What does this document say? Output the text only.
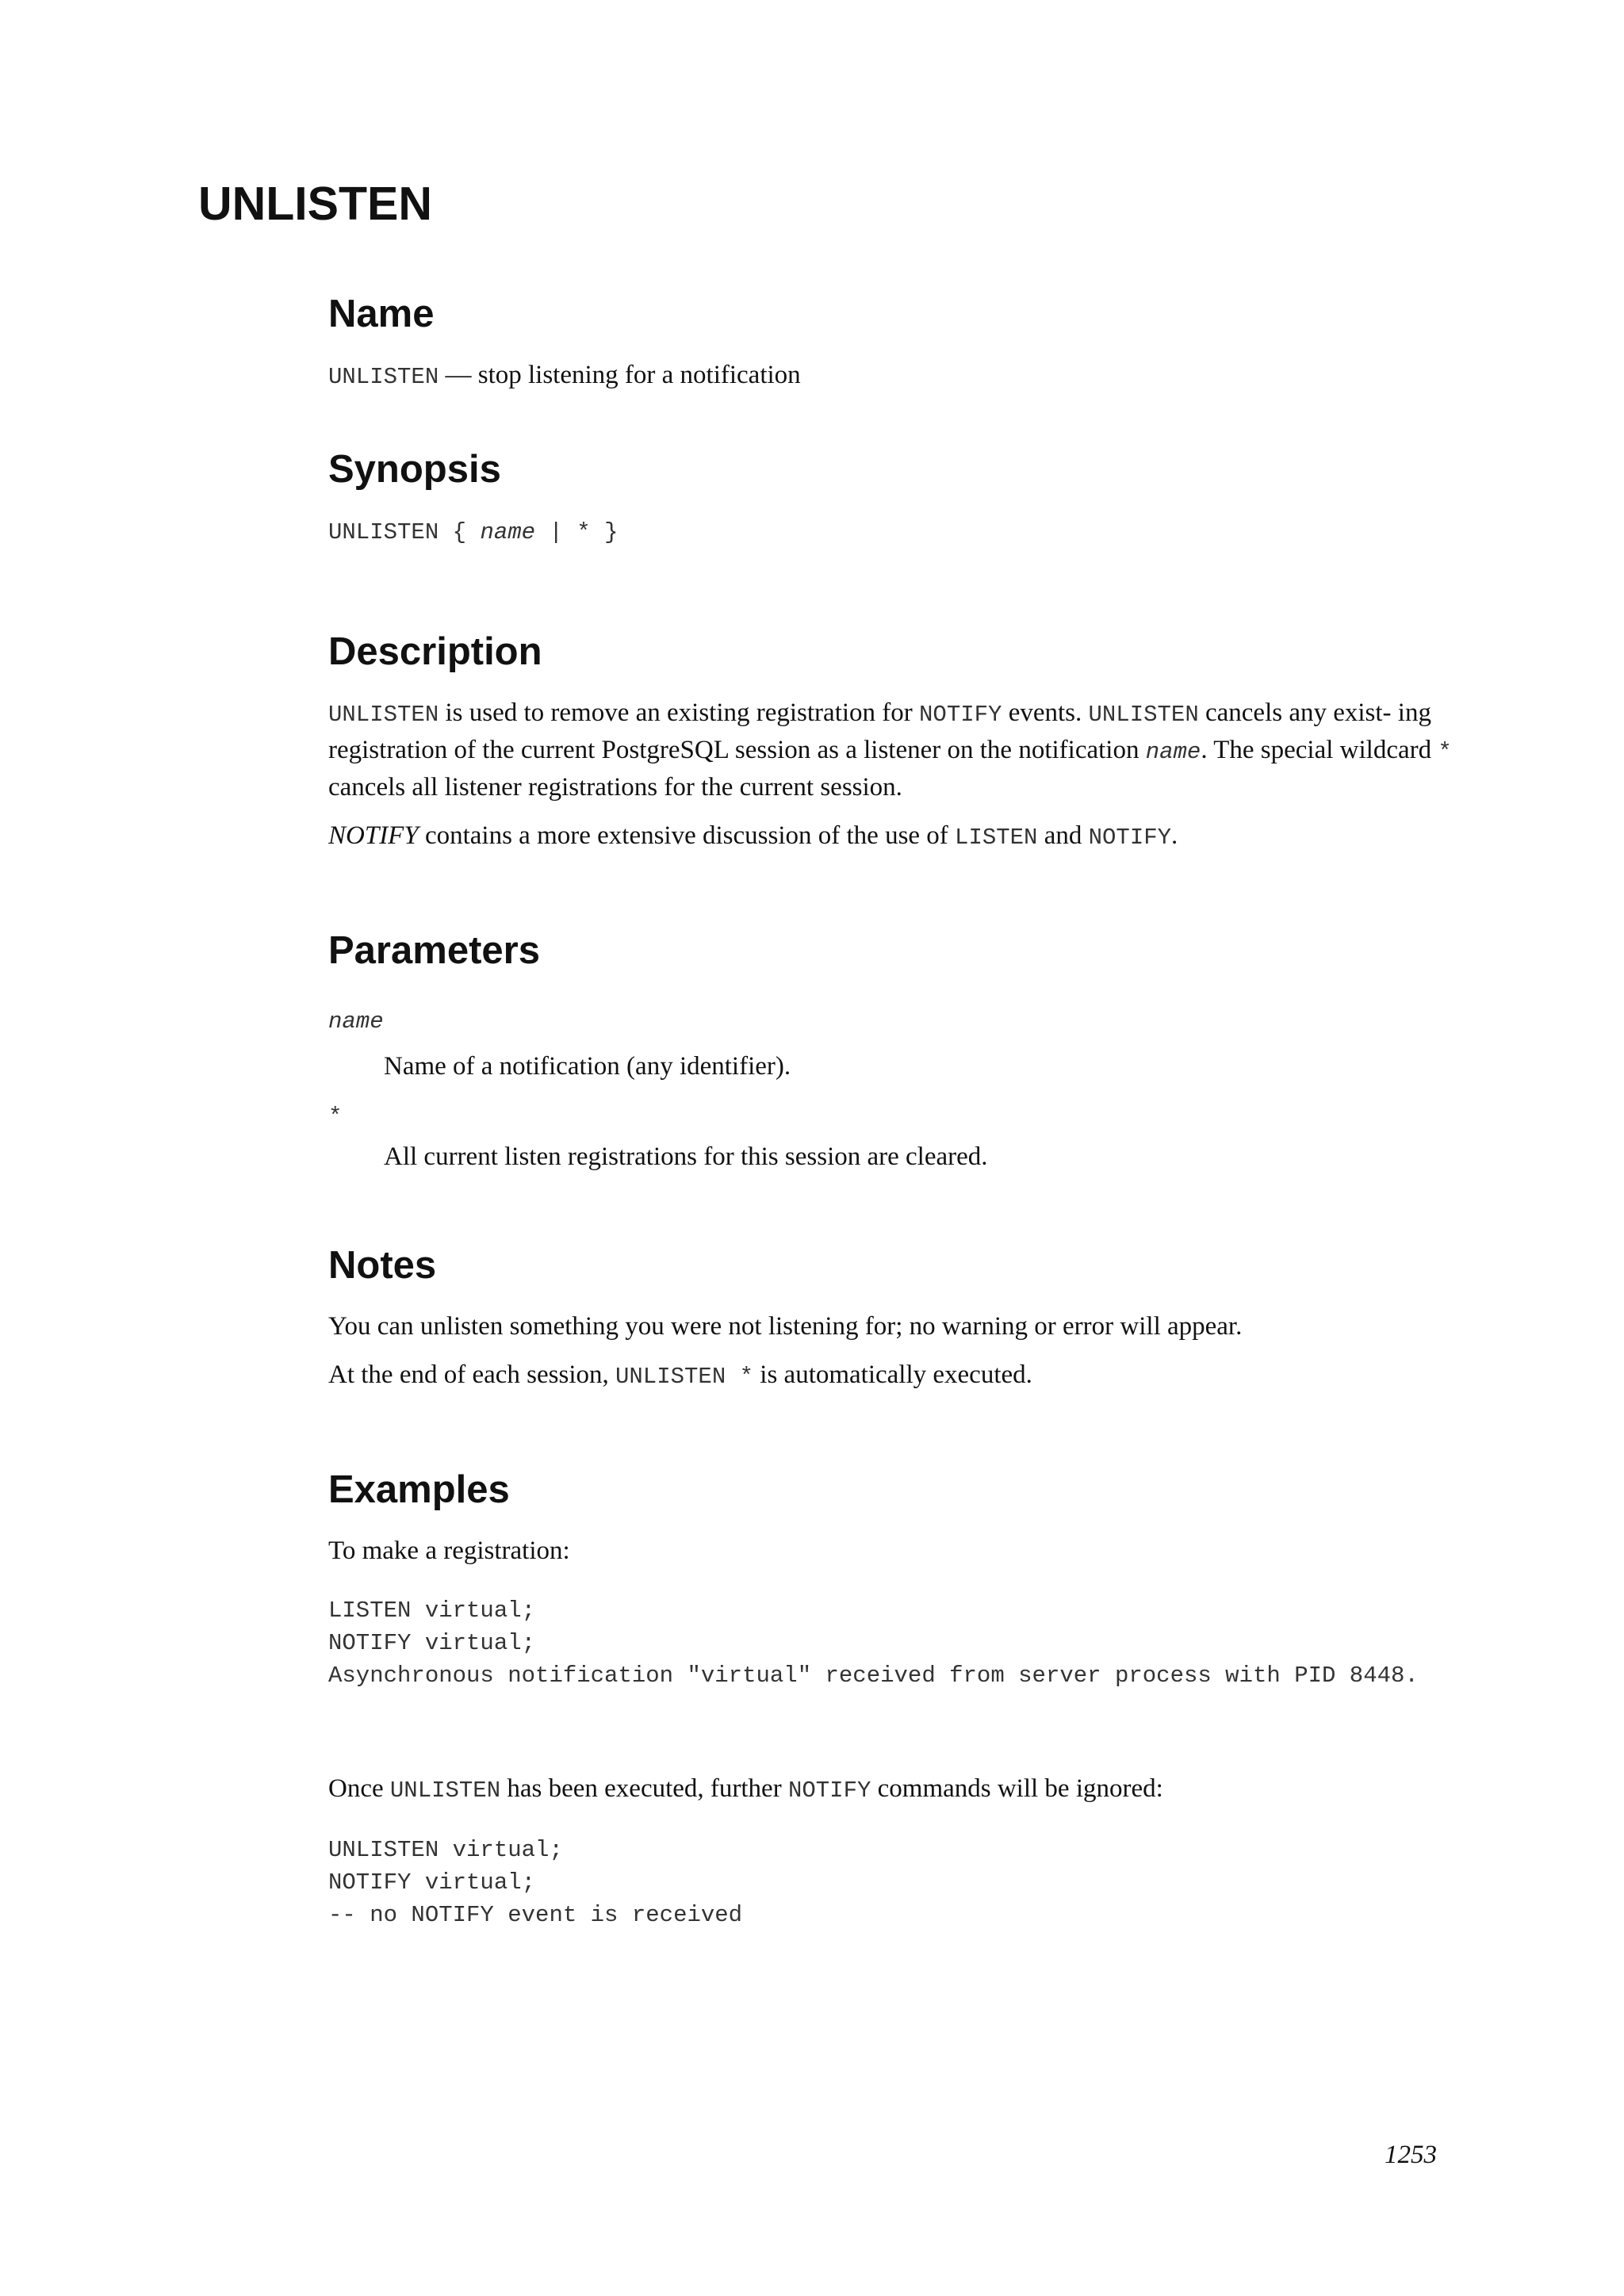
UNLISTEN
Name

UNLISTEN — stop listening for a notification

Synopsis
UNLISTEN { name | * }
Description

UNLISTEN is used to remove an existing registration for NOTIFY events. UNLISTEN cancels any exist- ing registration of the current PostgreSQL session as a listener on the notification name. The special wildcard * cancels all listener registrations for the current session.

NOTIFY contains a more extensive discussion of the use of LISTEN and NOTIFY.

Parameters
name

Name of a notification (any identifier).

*

All current listen registrations for this session are cleared.

Notes

You can unlisten something you were not listening for; no warning or error will appear.

At the end of each session, UNLISTEN * is automatically executed.

Examples

To make a registration:

LISTEN virtual;
NOTIFY virtual;
Asynchronous notification "virtual" received from server process with PID 8448.

Once UNLISTEN has been executed, further NOTIFY commands will be ignored:

UNLISTEN virtual;
NOTIFY virtual;
-- no NOTIFY event is received
1253
